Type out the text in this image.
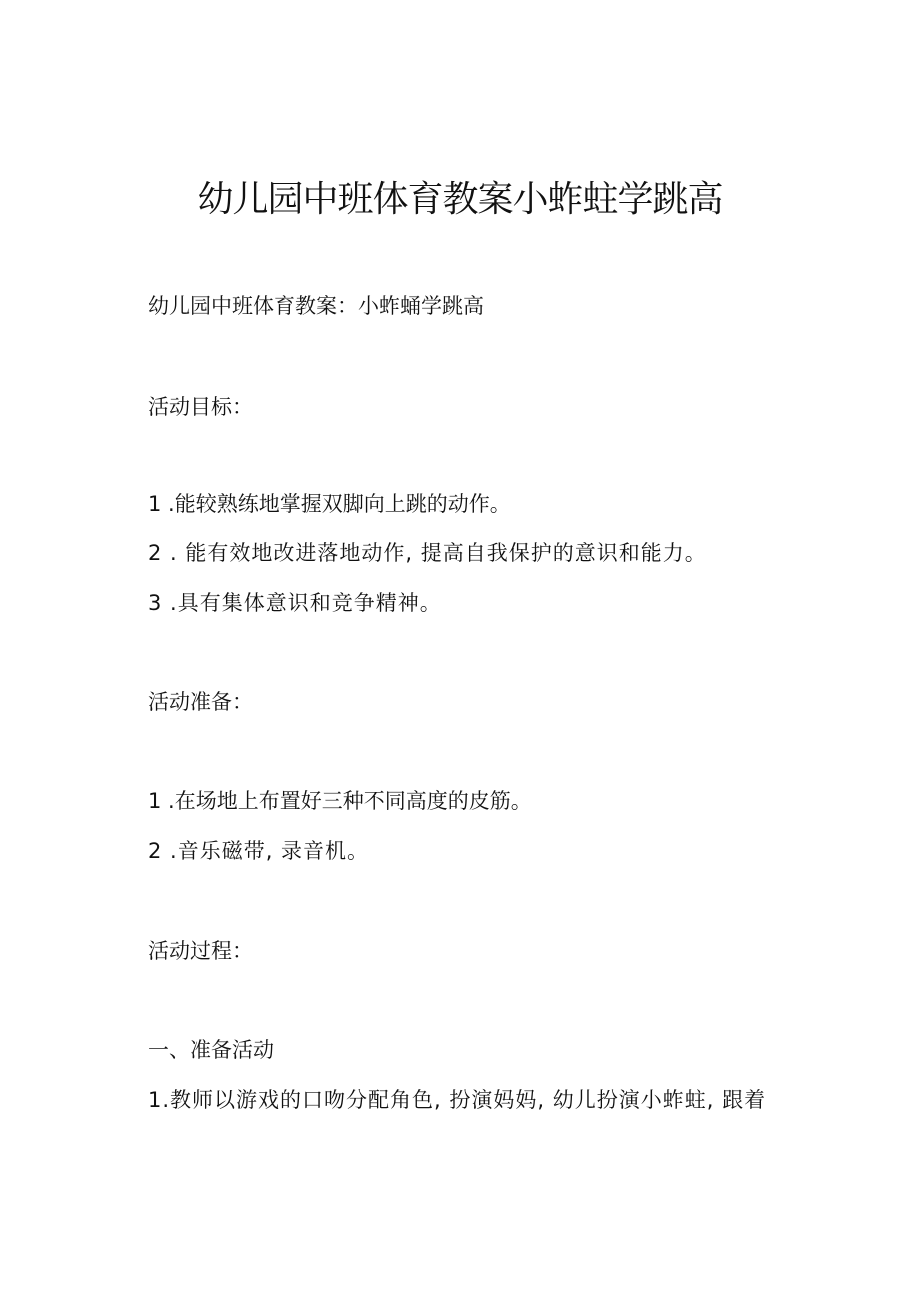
幼儿园中班体育教案小蚱蛀学跳高

幼儿园中班体育教案：小蚱蛹学跳高

活动目标：

1 .能较熟练地掌握双脚向上跳的动作。

2 . 能有效地改进落地动作, 提高自我保护的意识和能力。

3 .具有集体意识和竞争精神。

活动准备：

1 .在场地上布置好三种不同高度的皮筋。

2 .音乐磁带, 录音机。

活动过程：

一、准备活动

1.教师以游戏的口吻分配角色, 扮演妈妈, 幼儿扮演小蚱蛀, 跟着
